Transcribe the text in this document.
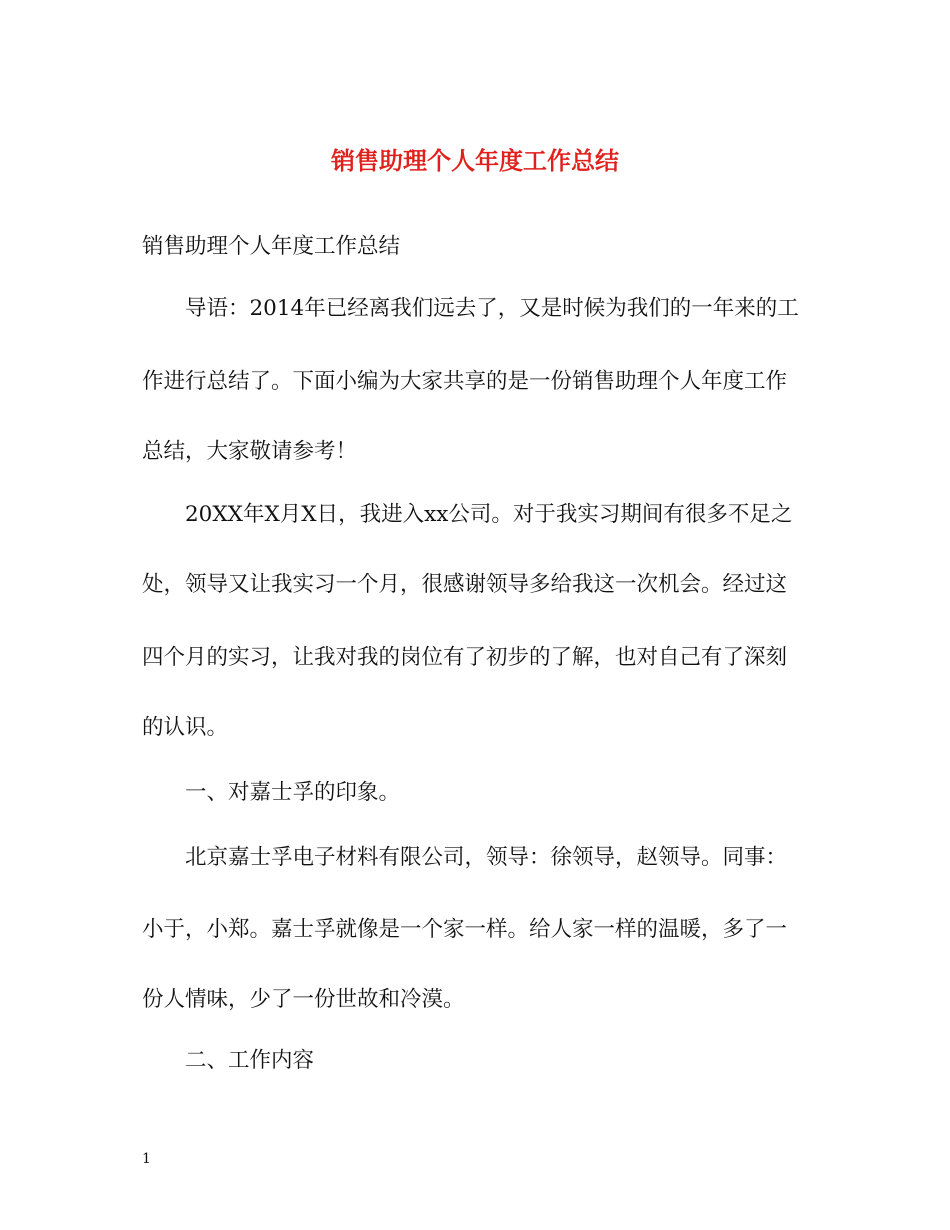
销售助理个人年度工作总结

销售助理个人年度工作总结

导语：2014年已经离我们远去了，又是时候为我们的一年来的工

作进行总结了。下面小编为大家共享的是一份销售助理个人年度工作

总结，大家敬请参考！

20XX年X月X日，我进入xx公司。对于我实习期间有很多不足之

处，领导又让我实习一个月，很感谢领导多给我这一次机会。经过这

四个月的实习，让我对我的岗位有了初步的了解，也对自己有了深刻

的认识。

一、对嘉士孚的印象。

北京嘉士孚电子材料有限公司，领导：徐领导，赵领导。同事：

小于，小郑。嘉士孚就像是一个家一样。给人家一样的温暖，多了一

份人情味，少了一份世故和冷漠。

二、工作内容

1
